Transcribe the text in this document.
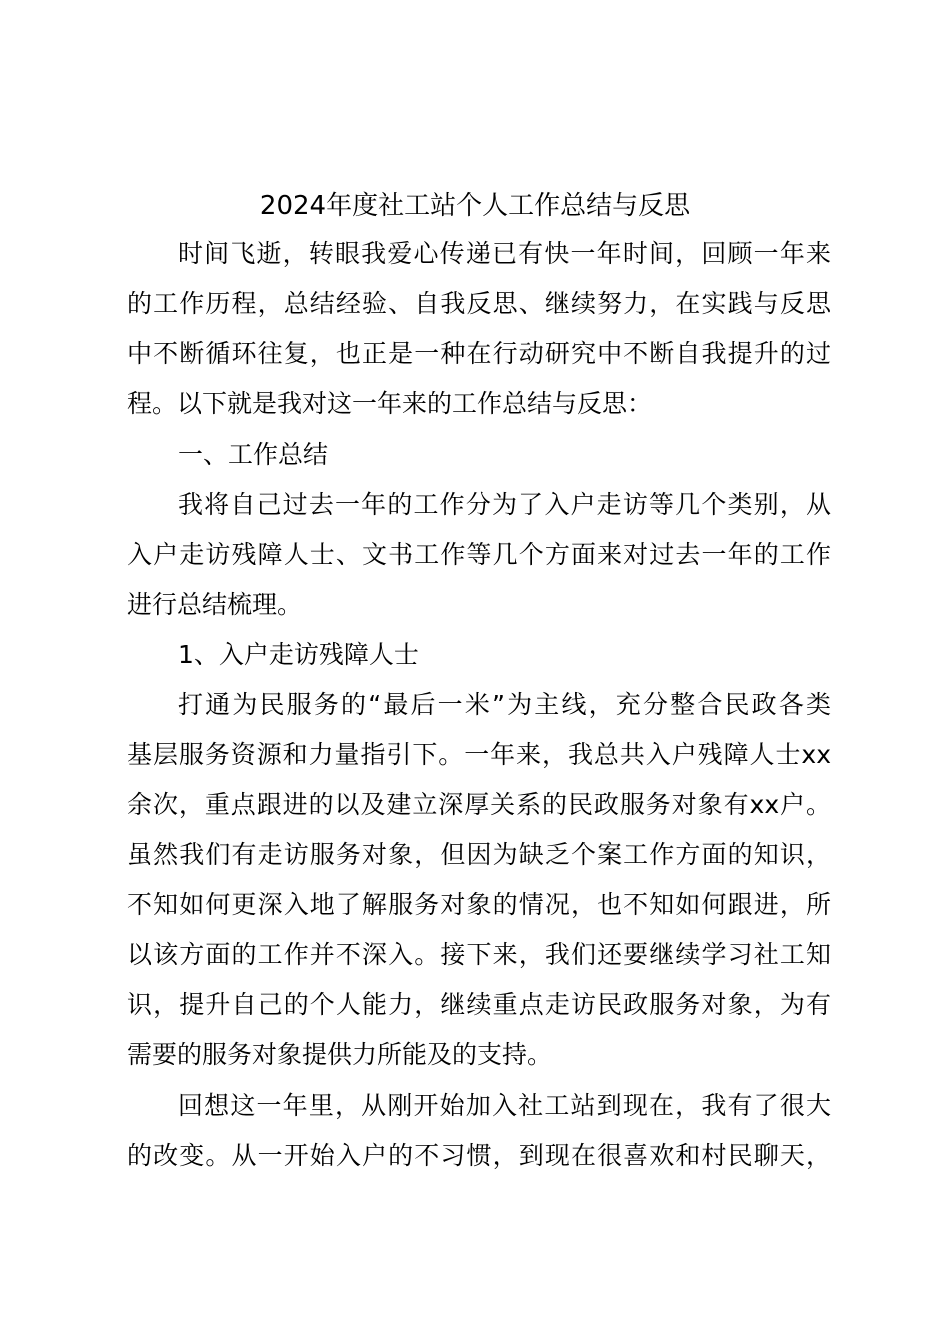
2024年度社工站个人工作总结与反思

时间飞逝，转眼我爱心传递已有快一年时间，回顾一年来

的工作历程，总结经验、自我反思、继续努力，在实践与反思

中不断循环往复，也正是一种在行动研究中不断自我提升的过

程。以下就是我对这一年来的工作总结与反思：

一、工作总结

我将自己过去一年的工作分为了入户走访等几个类别，从

入户走访残障人士、文书工作等几个方面来对过去一年的工作

进行总结梳理。

1、入户走访残障人士

打通为民服务的“最后一米”为主线，充分整合民政各类

基层服务资源和力量指引下。一年来，我总共入户残障人士xx

余次，重点跟进的以及建立深厚关系的民政服务对象有xx户。

虽然我们有走访服务对象，但因为缺乏个案工作方面的知识，

不知如何更深入地了解服务对象的情况，也不知如何跟进，所

以该方面的工作并不深入。接下来，我们还要继续学习社工知

识，提升自己的个人能力，继续重点走访民政服务对象，为有

需要的服务对象提供力所能及的支持。

回想这一年里，从刚开始加入社工站到现在，我有了很大

的改变。从一开始入户的不习惯，到现在很喜欢和村民聊天，
